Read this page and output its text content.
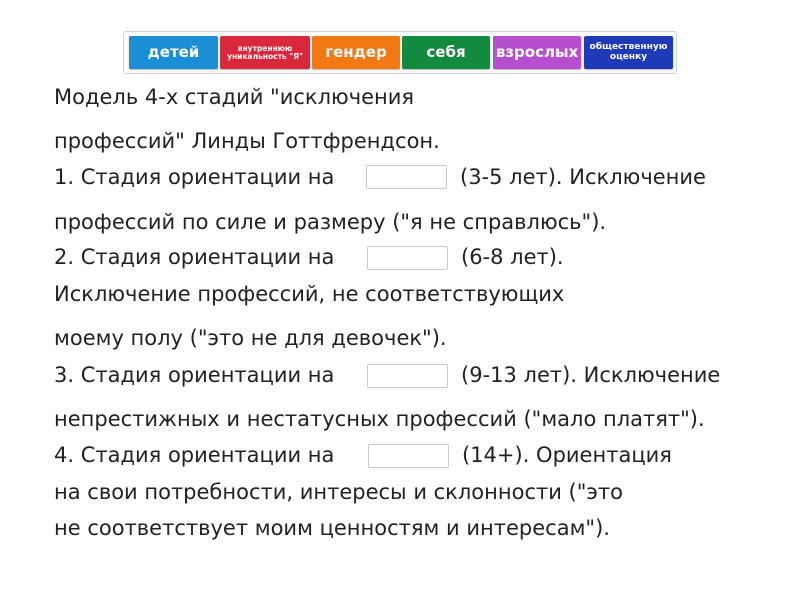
детей	внутреннюю уникальность "Я"	гендер	себя	взрослых	общественную оценку
Модель 4-х стадий "исключения
профессий" Линды Готтфрендсон.
1. Стадия ориентации на	(3-5 лет). Исключение
профессий по силе и размеру ("я не справлюсь").
2. Стадия ориентации на	(6-8 лет).
Исключение профессий, не соответствующих
моему полу ("это не для девочек").
3. Стадия ориентации на	(9-13 лет). Исключение
непрестижных и нестатусных профессий ("мало платят").
4. Стадия ориентации на	(14+). Ориентация
на свои потребности, интересы и склонности ("это
не соответствует моим ценностям и интересам").
